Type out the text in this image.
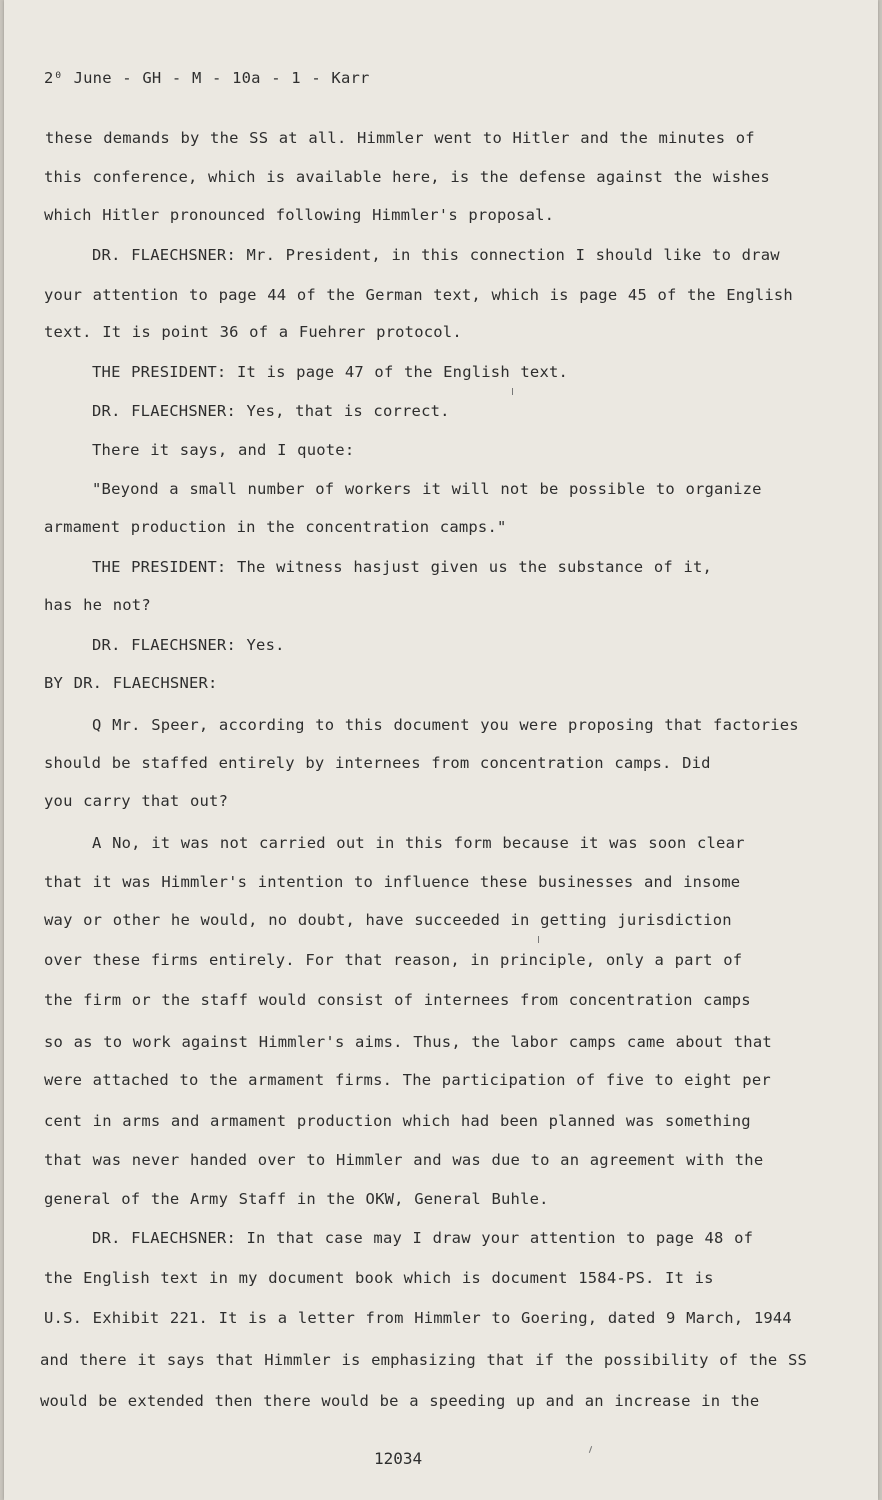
2⁰ June - GH - M - 10a - 1 - Karr
these demands by the SS at all. Himmler went to Hitler and the minutes of
this conference, which is available here, is the defense against the wishes
which Hitler pronounced following Himmler's proposal.
DR. FLAECHSNER: Mr. President, in this connection I should like to draw
your attention to page 44 of the German text, which is page 45 of the English
text. It is point 36 of a Fuehrer protocol.
THE PRESIDENT: It is page 47 of the English text.
DR. FLAECHSNER: Yes, that is correct.
There it says, and I quote:
"Beyond a small number of workers it will not be possible to organize
armament production in the concentration camps."
THE PRESIDENT: The witness hasjust given us the substance of it,
has he not?
DR. FLAECHSNER: Yes.
BY DR. FLAECHSNER:
Q Mr. Speer, according to this document you were proposing that factories
should be staffed entirely by internees from concentration camps. Did
you carry that out?
A No, it was not carried out in this form because it was soon clear
that it was Himmler's intention to influence these businesses and insome
way or other he would, no doubt, have succeeded in getting jurisdiction
over these firms entirely. For that reason, in principle, only a part of
the firm or the staff would consist of internees from concentration camps
so as to work against Himmler's aims. Thus, the labor camps came about that
were attached to the armament firms. The participation of five to eight per
cent in arms and armament production which had been planned was something
that was never handed over to Himmler and was due to an agreement with the
general of the Army Staff in the OKW, General Buhle.
DR. FLAECHSNER: In that case may I draw your attention to page 48 of
the English text in my document book which is document 1584-PS. It is
U.S. Exhibit 221. It is a letter from Himmler to Goering, dated 9 March, 1944
and there it says that Himmler is emphasizing that if the possibility of the SS
would be extended then there would be a speeding up and an increase in the
12034
